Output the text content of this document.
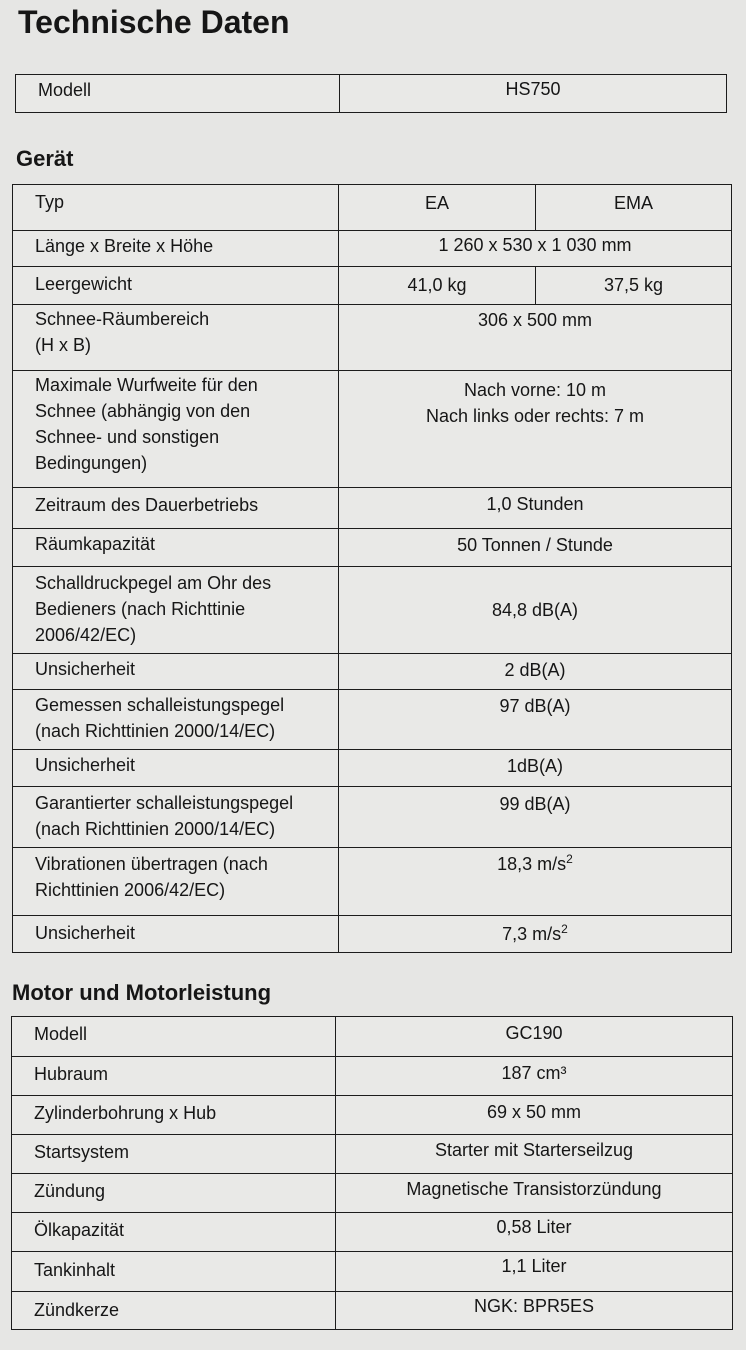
Technische Daten
Modell	HS750
Gerät
Typ	EA	EMA
Länge x Breite x Höhe	1 260 x 530 x 1 030 mm	
Leergewicht	41,0 kg	37,5 kg
Schnee-Räumbereich
(H x B)	306 x 500 mm	
Maximale Wurfweite für den
Schnee (abhängig von den
Schnee- und sonstigen
Bedingungen)	Nach vorne: 10 m
Nach links oder rechts: 7 m	
Zeitraum des Dauerbetriebs	1,0 Stunden	
Räumkapazität	50 Tonnen / Stunde	
Schalldruckpegel am Ohr des
Bedieners (nach Richttinie
2006/42/EC)	84,8 dB(A)	
Unsicherheit	2 dB(A)	
Gemessen schalleistungspegel
(nach Richttinien 2000/14/EC)	97 dB(A)	
Unsicherheit	1dB(A)	
Garantierter schalleistungspegel
(nach Richttinien 2000/14/EC)	99 dB(A)	
Vibrationen übertragen (nach
Richttinien 2006/42/EC)	18,3 $m/s^2$
Unsicherheit	7,3 $m/s^2$
Motor und Motorleistung
Modell	GC190
Hubraum	187 cm³
Zylinderbohrung x Hub	69 x 50 mm
Startsystem	Starter mit Starterseilzug
Zündung	Magnetische Transistorzündung
Ölkapazität	0,58 Liter
Tankinhalt	1,1 Liter
Zündkerze	NGK: BPR5ES
